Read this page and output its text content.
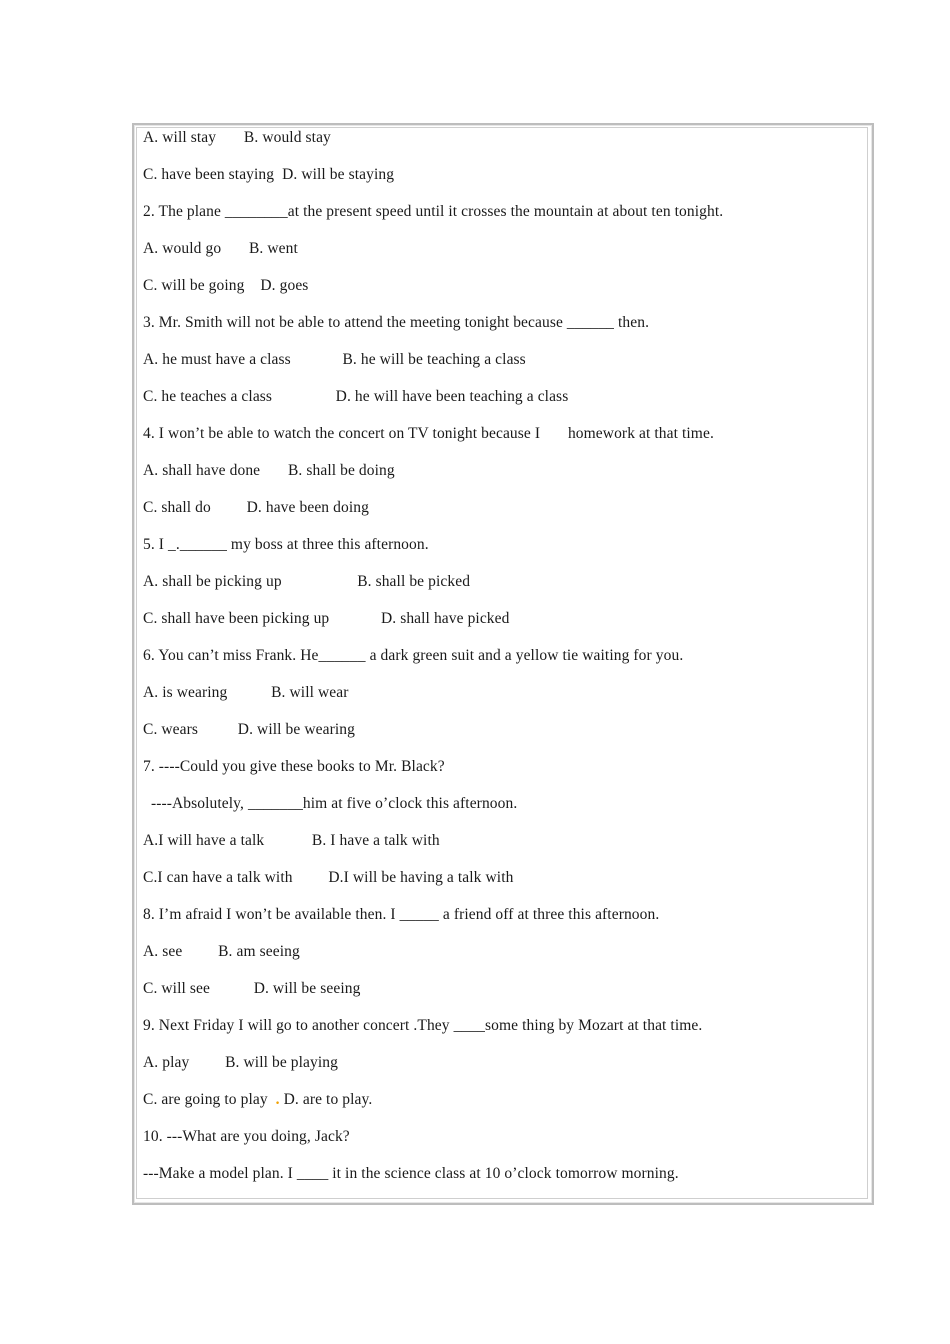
A. will stay       B. would stay
C. have been staying  D. will be staying
2. The plane ________at the present speed until it crosses the mountain at about ten tonight.
A. would go       B. went
C. will be going    D. goes
3. Mr. Smith will not be able to attend the meeting tonight because ______ then.
A. he must have a class             B. he will be teaching a class
C. he teaches a class                D. he will have been teaching a class
4. I won’t be able to watch the concert on TV tonight because I       homework at that time.
A. shall have done       B. shall be doing
C. shall do         D. have been doing
5. I _.______ my boss at three this afternoon.
A. shall be picking up                   B. shall be picked
C. shall have been picking up             D. shall have picked
6. You can’t miss Frank. He______ a dark green suit and a yellow tie waiting for you.
A. is wearing           B. will wear
C. wears          D. will be wearing
7. ----Could you give these books to Mr. Black?
----Absolutely, _______him at five o’clock this afternoon.
A.I will have a talk            B. I have a talk with
C.I can have a talk with         D.I will be having a talk with
8. I’m afraid I won’t be available then. I _____ a friend off at three this afternoon.
A. see         B. am seeing
C. will see           D. will be seeing
9. Next Friday I will go to another concert .They ____some thing by Mozart at that time.
A. play         B. will be playing
C. are going to play  . D. are to play.
10. ---What are you doing, Jack?
---Make a model plan. I ____ it in the science class at 10 o’clock tomorrow morning.
